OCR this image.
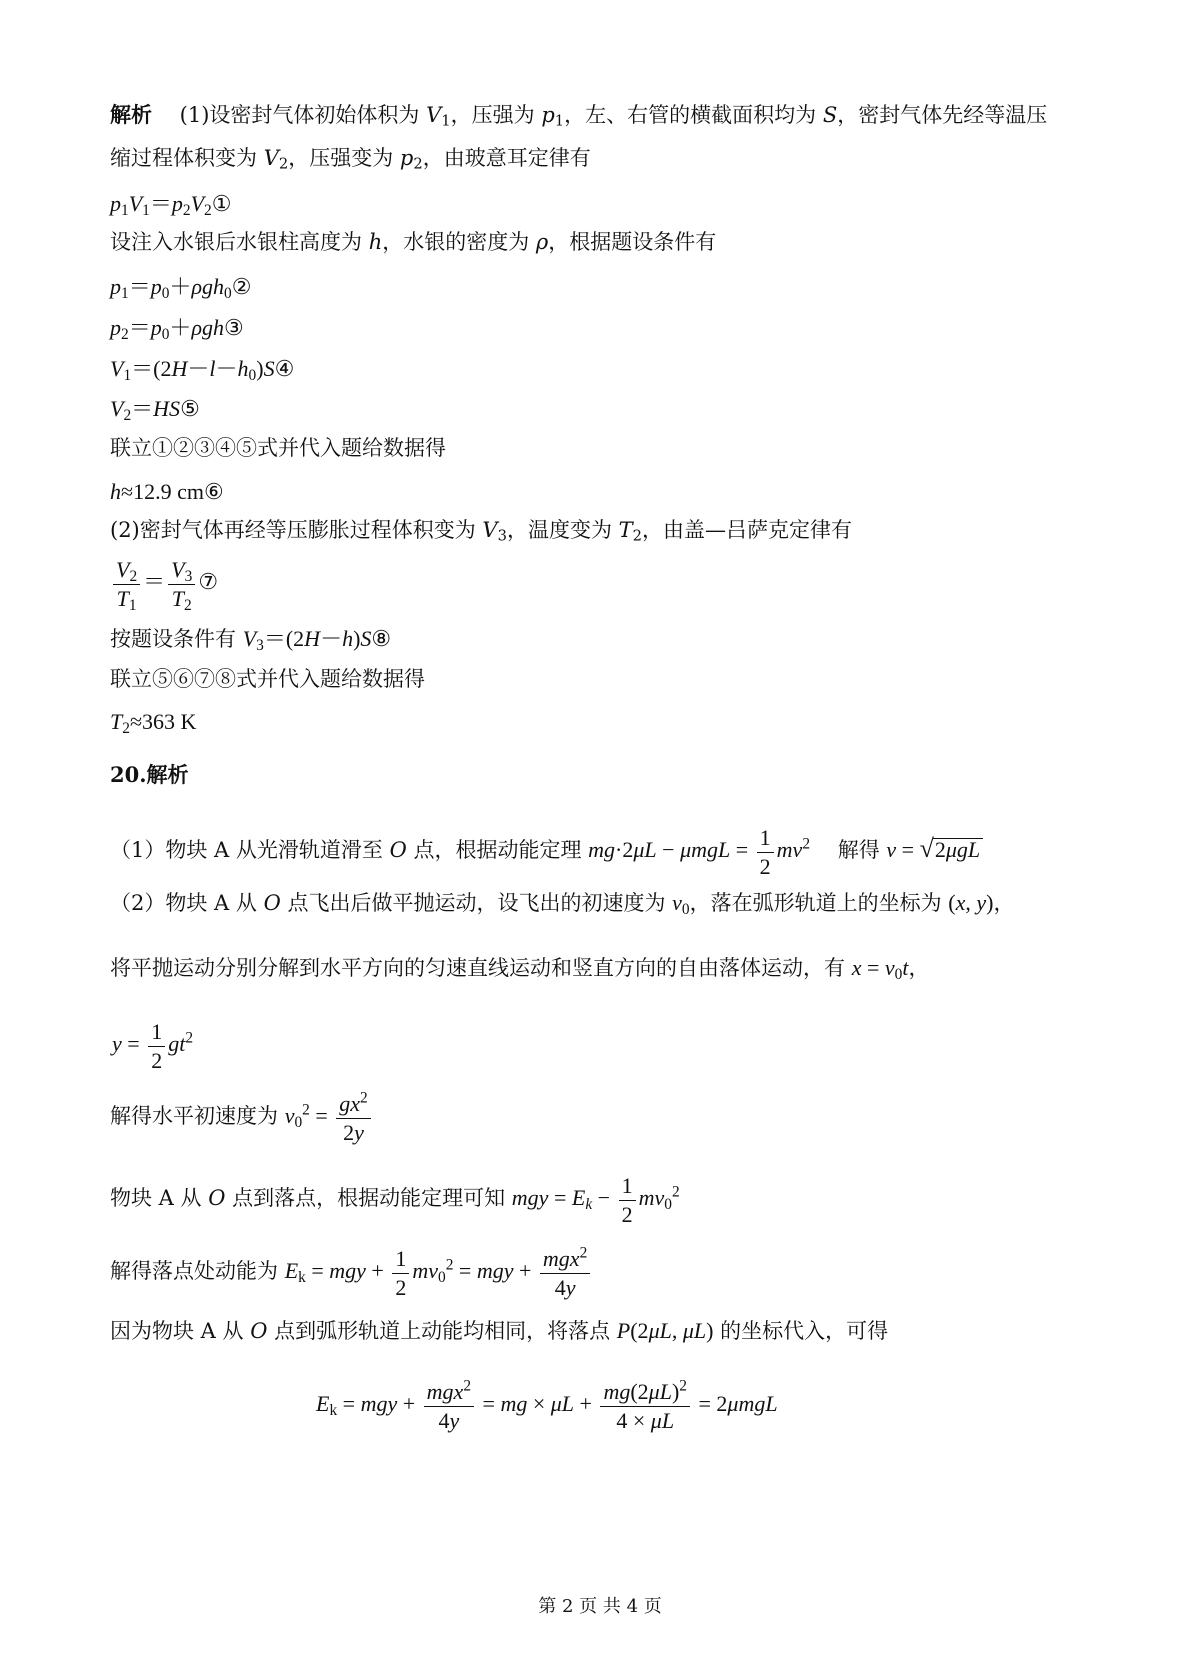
解析　 (1)设密封气体初始体积为 $V_1$，压强为 $p_1$，左、右管的横截面积均为 S，密封气体先经等温压
缩过程体积变为 $V_2$，压强变为 $p_2$，由玻意耳定律有
$p_1V_1=p_2V_2①$
设注入水银后水银柱高度为 h，水银的密度为 ρ，根据题设条件有
$p_1=p_0+\rho gh_0②$
$p_2=p_0+\rho gh③$
$V_1=(2H-l-h_0)S④$
$V_2=HS⑤$
联立①②③④⑤式并代入题给数据得
h≈12.9 cm⑥
(2)密封气体再经等压膨胀过程体积变为 $V_3$，温度变为 $T_2$，由盖—吕萨克定律有
$\frac{V_2}{T_1} = \frac{V_3}{T_2}$ ⑦
按题设条件有 $V_3=(2H-h)S⑧$
联立⑤⑥⑦⑧式并代入题给数据得
$T_2\approx 363$ K
20.解析
（1）物块 A 从光滑轨道滑至 O 点，根据动能定理 $mg\cdot 2\mu L - \mu mgL = \frac{1}{2} mv^2$　 解得 v = √2μgL
（2）物块 A 从 O 点飞出后做平抛运动，设飞出的初速度为 $v_0$，落在弧形轨道上的坐标为 (x, y)，
将平抛运动分别分解到水平方向的匀速直线运动和竖直方向的自由落体运动，有 $x = v_0t$，
$y = \frac{1}{2} gt^2$
解得水平初速度为 $v_0^2 = \frac{gx^2}{2y}$
物块 A 从 O 点到落点，根据动能定理可知 mgy = $E_k - \frac{1}{2} mv_0^2$
解得落点处动能为 $E_k$ = mgy + $\frac{1}{2} mv_0^2$ = mgy + $\frac{mgx^2}{4y}$
因为物块 A 从 O 点到弧形轨道上动能均相同，将落点 P(2μL, μL) 的坐标代入，可得
$E_k$ = mgy + $\frac{mgx^2}{4y}$ = mg × $\mu L + \frac{mg(2\mu L)^2}{4 \times \mu L} = 2\mu mgL$
第 2 页 共 4 页
